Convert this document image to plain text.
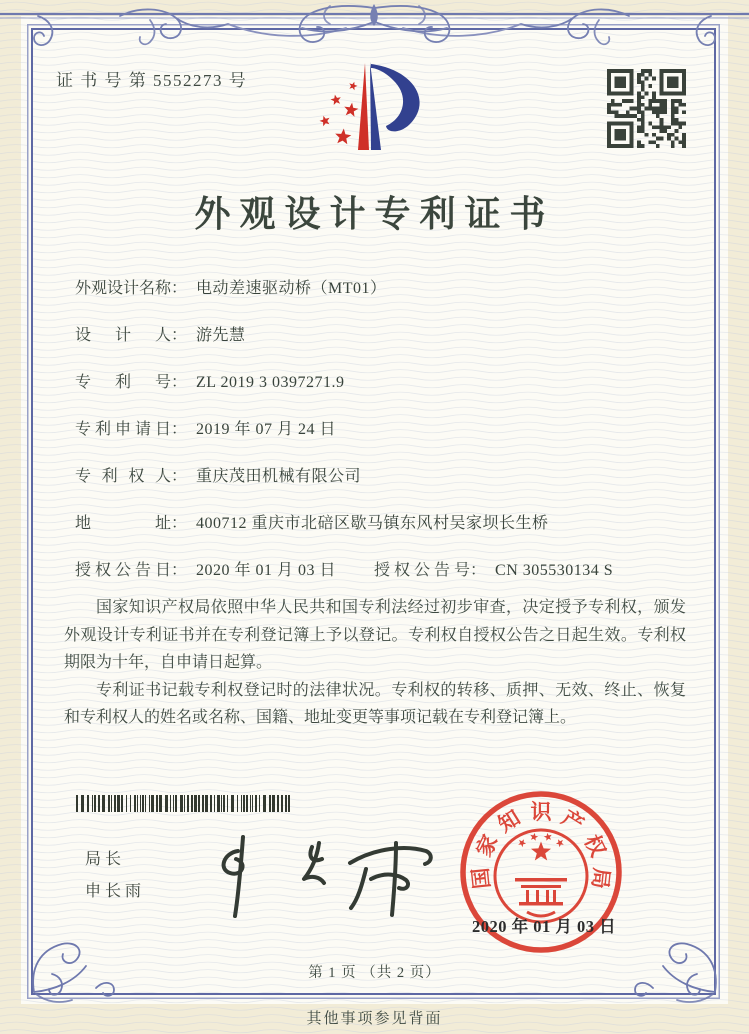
证 书 号 第 5552273 号
外观设计专利证书
外观设计名称： 电动差速驱动桥（MT01）
设计人： 游先慧
专利号： ZL 2019 3 0397271.9
专利申请日： 2019 年 07 月 24 日
专利权人： 重庆茂田机械有限公司
地址： 400712 重庆市北碚区歇马镇东风村吴家坝长生桥
授权公告日： 2020 年 01 月 03 日 授权公告号： CN 305530134 S

国家知识产权局依照中华人民共和国专利法经过初步审查，决定授予专利权，颁发外观设计专利证书并在专利登记簿上予以登记。专利权自授权公告之日起生效。专利权期限为十年，自申请日起算。

专利证书记载专利权登记时的法律状况。专利权的转移、质押、无效、终止、恢复和专利权人的姓名或名称、国籍、地址变更等事项记载在专利登记簿上。

局长
申长雨
国
家
知 识 产
权
局
2020 年 01 月 03 日
第 1 页 （共 2 页）
其他事项参见背面
